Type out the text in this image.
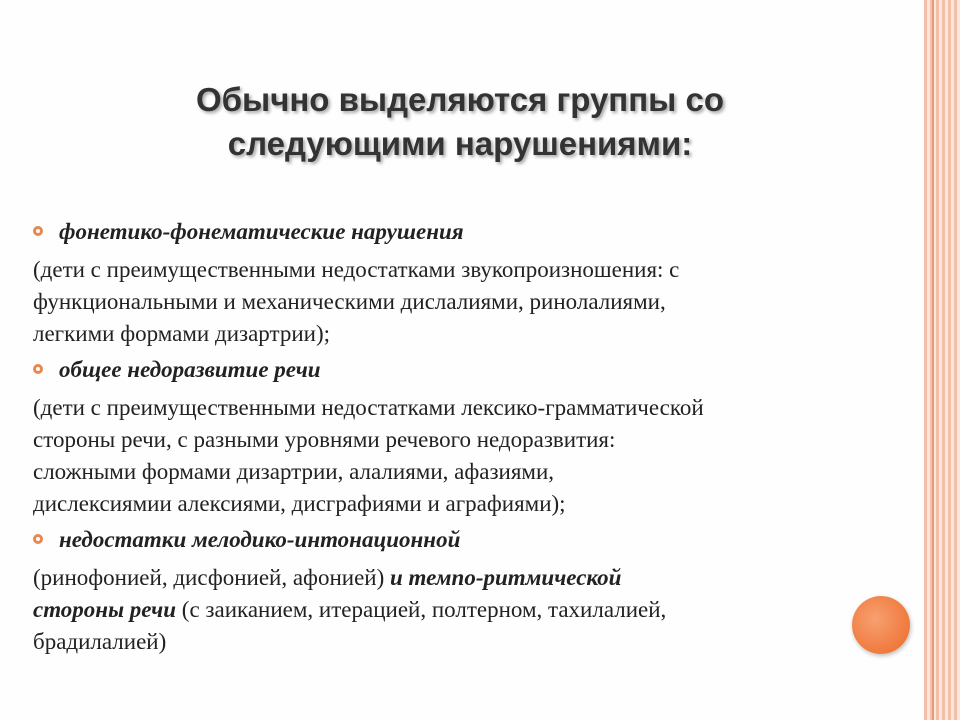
Обычно выделяются группы со
следующими нарушениями:
фонетико-фонематические нарушения
(дети с преимущественными недостатками звукопроизношения: с
функциональными и механическими дислалиями, ринолалиями,
легкими формами дизартрии);
общее недоразвитие речи
(дети с преимущественными недостатками лексико-грамматической
стороны речи, с разными уровнями речевого недоразвития:
сложными формами дизартрии, алалиями, афазиями,
дислексиямии алексиями, дисграфиями и аграфиями);
недостатки мелодико-интонационной
(ринофонией, дисфонией, афонией) и темпо-ритмической
стороны речи (с заиканием, итерацией, полтерном, тахилалией,
брадилалией)
